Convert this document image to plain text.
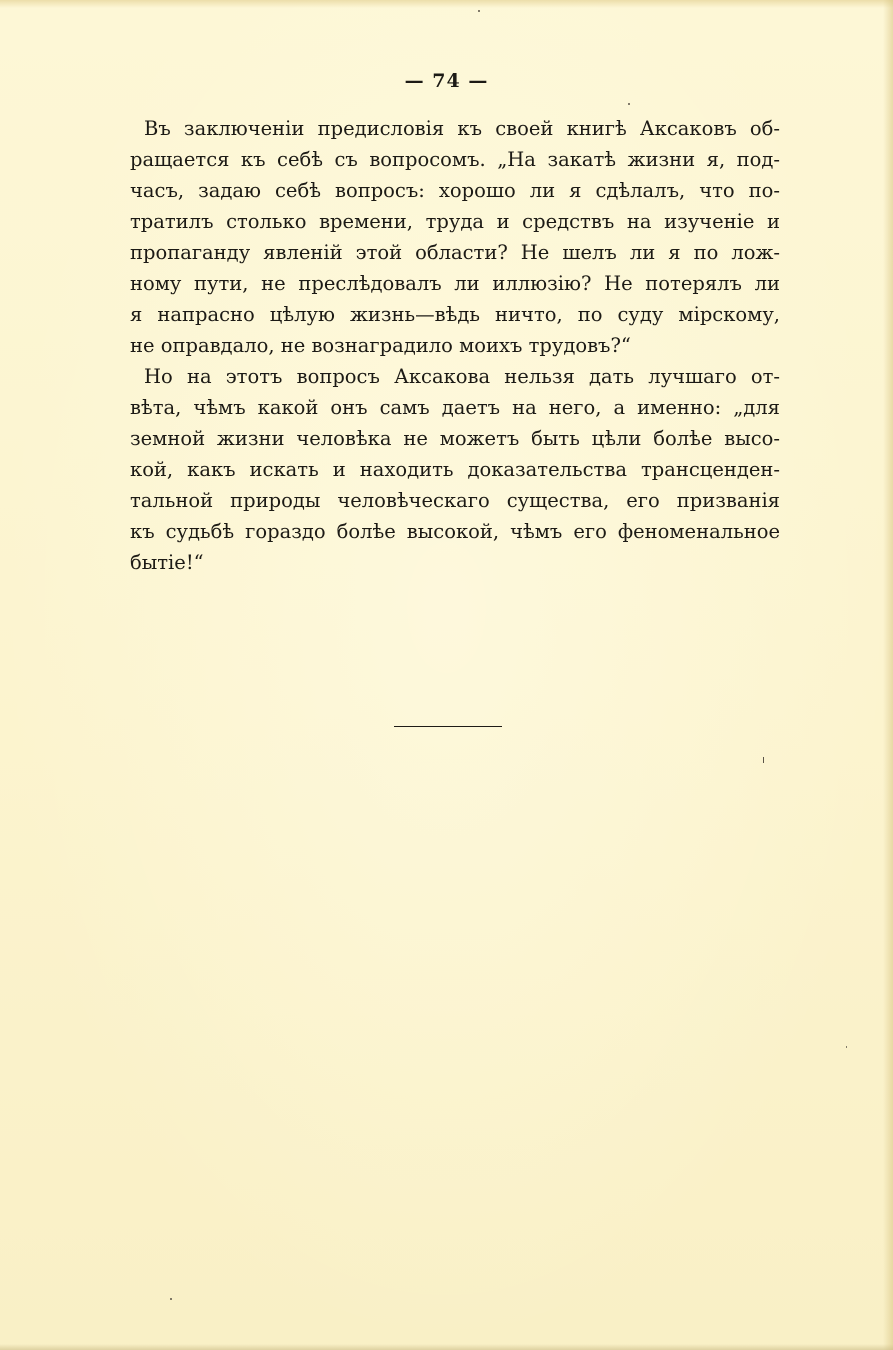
— 74 —
Въ заключеніи предисловія къ своей книгѣ Аксаковъ об-
ращается къ себѣ съ вопросомъ. „На закатѣ жизни я, под-
часъ, задаю себѣ вопросъ: хорошо ли я сдѣлалъ, что по-
тратилъ столько времени, труда и средствъ на изученіе и
пропаганду явленій этой области? Не шелъ ли я по лож-
ному пути, не преслѣдовалъ ли иллюзію? Не потерялъ ли
я напрасно цѣлую жизнь—вѣдь ничто, по суду мірскому,
не оправдало, не вознаградило моихъ трудовъ?“
Но на этотъ вопросъ Аксакова нельзя дать лучшаго от-
вѣта, чѣмъ какой онъ самъ даетъ на него, а именно: „для
земной жизни человѣка не можетъ быть цѣли болѣе высо-
кой, какъ искать и находить доказательства трансценден-
тальной природы человѣческаго существа, его призванія
къ судьбѣ гораздо болѣе высокой, чѣмъ его феноменальное
бытіе!“
